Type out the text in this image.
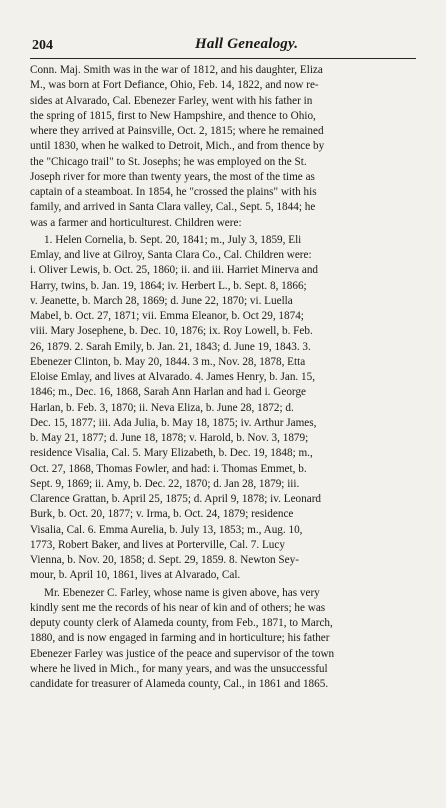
204	Hall Genealogy.

Conn. Maj. Smith was in the war of 1812, and his daughter, Eliza
M., was born at Fort Defiance, Ohio, Feb. 14, 1822, and now re-
sides at Alvarado, Cal. Ebenezer Farley, went with his father in
the spring of 1815, first to New Hampshire, and thence to Ohio,
where they arrived at Painsville, Oct. 2, 1815; where he remained
until 1830, when he walked to Detroit, Mich., and from thence by
the "Chicago trail" to St. Josephs; he was employed on the St.
Joseph river for more than twenty years, the most of the time as
captain of a steamboat. In 1854, he "crossed the plains" with his
family, and arrived in Santa Clara valley, Cal., Sept. 5, 1844; he
was a farmer and horticulturest. Children were:

1. Helen Cornelia, b. Sept. 20, 1841; m., July 3, 1859, Eli
Emlay, and live at Gilroy, Santa Clara Co., Cal. Children were:
i. Oliver Lewis, b. Oct. 25, 1860; ii. and iii. Harriet Minerva and
Harry, twins, b. Jan. 19, 1864; iv. Herbert L., b. Sept. 8, 1866;
v. Jeanette, b. March 28, 1869; d. June 22, 1870; vi. Luella
Mabel, b. Oct. 27, 1871; vii. Emma Eleanor, b. Oct 29, 1874;
viii. Mary Josephene, b. Dec. 10, 1876; ix. Roy Lowell, b. Feb.
26, 1879. 2. Sarah Emily, b. Jan. 21, 1843; d. June 19, 1843. 3.
Ebenezer Clinton, b. May 20, 1844. 3 m., Nov. 28, 1878, Etta
Eloise Emlay, and lives at Alvarado. 4. James Henry, b. Jan. 15,
1846; m., Dec. 16, 1868, Sarah Ann Harlan and had i. George
Harlan, b. Feb. 3, 1870; ii. Neva Eliza, b. June 28, 1872; d.
Dec. 15, 1877; iii. Ada Julia, b. May 18, 1875; iv. Arthur James,
b. May 21, 1877; d. June 18, 1878; v. Harold, b. Nov. 3, 1879;
residence Visalia, Cal. 5. Mary Elizabeth, b. Dec. 19, 1848; m.,
Oct. 27, 1868, Thomas Fowler, and had: i. Thomas Emmet, b.
Sept. 9, 1869; ii. Amy, b. Dec. 22, 1870; d. Jan 28, 1879; iii.
Clarence Grattan, b. April 25, 1875; d. April 9, 1878; iv. Leonard
Burk, b. Oct. 20, 1877; v. Irma, b. Oct. 24, 1879; residence
Visalia, Cal. 6. Emma Aurelia, b. July 13, 1853; m., Aug. 10,
1773, Robert Baker, and lives at Porterville, Cal. 7. Lucy
Vienna, b. Nov. 20, 1858; d. Sept. 29, 1859. 8. Newton Sey-
mour, b. April 10, 1861, lives at Alvarado, Cal.

Mr. Ebenezer C. Farley, whose name is given above, has very
kindly sent me the records of his near of kin and of others; he was
deputy county clerk of Alameda county, from Feb., 1871, to March,
1880, and is now engaged in farming and in horticulture; his father
Ebenezer Farley was justice of the peace and supervisor of the town
where he lived in Mich., for many years, and was the unsuccessful
candidate for treasurer of Alameda county, Cal., in 1861 and 1865.
